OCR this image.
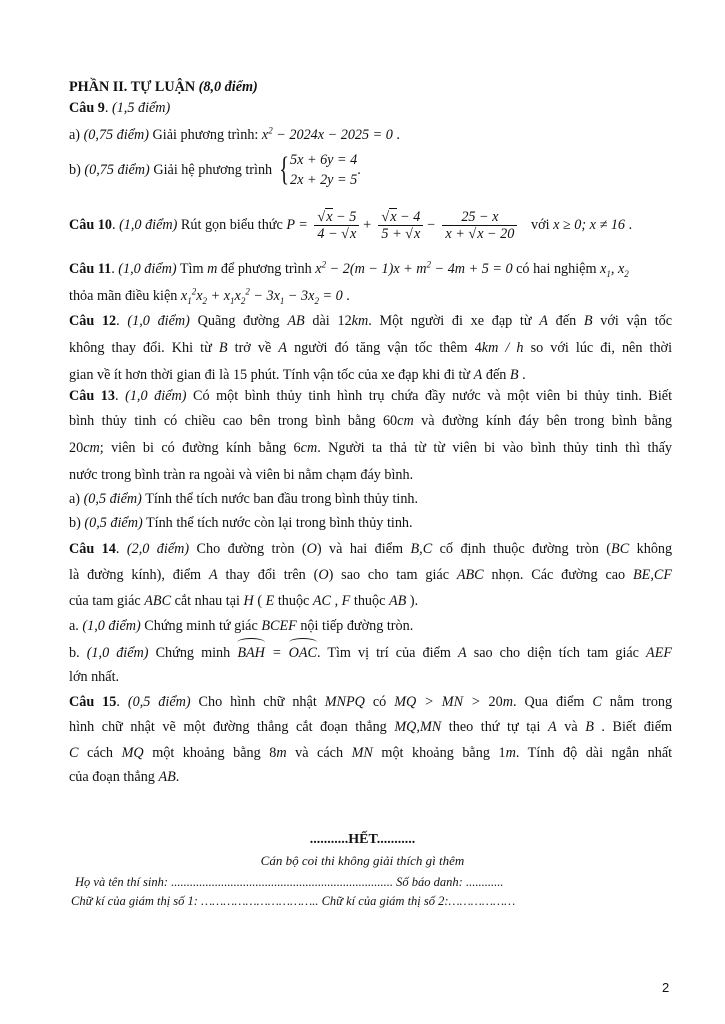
PHẦN II. TỰ LUẬN (8,0 điểm)
Câu 9. (1,5 điểm)
a) (0,75 điểm) Giải phương trình: $x^2 - 2024x - 2025 = 0$ .
b) (0,75 điểm) Giải hệ phương trình {5x + 6y = 4
2x + 2y = 5.
Câu 10. (1,0 điểm) Rút gọn biểu thức $P = \frac{√x - 5}{4 - √x} + \frac{√x - 4}{5 + √x} - \frac{25 - x}{x + √x - 20}$ với x ≥ 0; x ≠ 16 .
Câu 11. (1,0 điểm) Tìm m để phương trình $x^2 - 2(m - 1)x + m^2 - 4m + 5 = 0$ có hai nghiệm $x_1$, $x_2$
thỏa mãn điều kiện $x_1^2x_2 + x_1x_2^2 - 3x_1 - 3x_2 = 0$ .
Câu 12. (1,0 điểm) Quãng đường AB dài 12km. Một người đi xe đạp từ A đến B với vận tốc
không thay đổi. Khi từ B trở về A người đó tăng vận tốc thêm 4km / h so với lúc đi, nên thời
gian về ít hơn thời gian đi là 15 phút. Tính vận tốc của xe đạp khi đi từ A đến B .
Câu 13. (1,0 điểm) Có một bình thủy tinh hình trụ chứa đầy nước và một viên bi thủy tinh. Biết
bình thủy tinh có chiều cao bên trong bình bằng 60cm và đường kính đáy bên trong bình bằng
20cm; viên bi có đường kính bằng 6cm. Người ta thả từ từ viên bi vào bình thủy tinh thì thấy
nước trong bình tràn ra ngoài và viên bi nằm chạm đáy bình.
a) (0,5 điểm) Tính thể tích nước ban đầu trong bình thủy tinh.
b) (0,5 điểm) Tính thể tích nước còn lại trong bình thủy tinh.
Câu 14. (2,0 điểm) Cho đường tròn (O) và hai điểm B,C cố định thuộc đường tròn (BC không
là đường kính), điểm A thay đổi trên (O) sao cho tam giác ABC nhọn. Các đường cao BE,CF
của tam giác ABC cắt nhau tại H ( E thuộc AC , F thuộc AB ).
a. (1,0 điểm) Chứng minh tứ giác BCEF nội tiếp đường tròn.
b. (1,0 điểm) Chứng minh BAH = OAC. Tìm vị trí của điểm A sao cho diện tích tam giác AEF
lớn nhất.
Câu 15. (0,5 điểm) Cho hình chữ nhật MNPQ có MQ > MN > 20m. Qua điểm C nằm trong
hình chữ nhật vẽ một đường thẳng cắt đoạn thẳng MQ,MN theo thứ tự tại A và B . Biết điểm
C cách MQ một khoảng bằng 8m và cách MN một khoảng bằng 1m. Tính độ dài ngắn nhất
của đoạn thẳng AB.
...........HẾT...........
Cán bộ coi thi không giải thích gì thêm
Họ và tên thí sinh: ....................................................................... Số báo danh: ............
Chữ kí của giám thị số 1: ………………………….. Chữ kí của giám thị số 2:………………
2
